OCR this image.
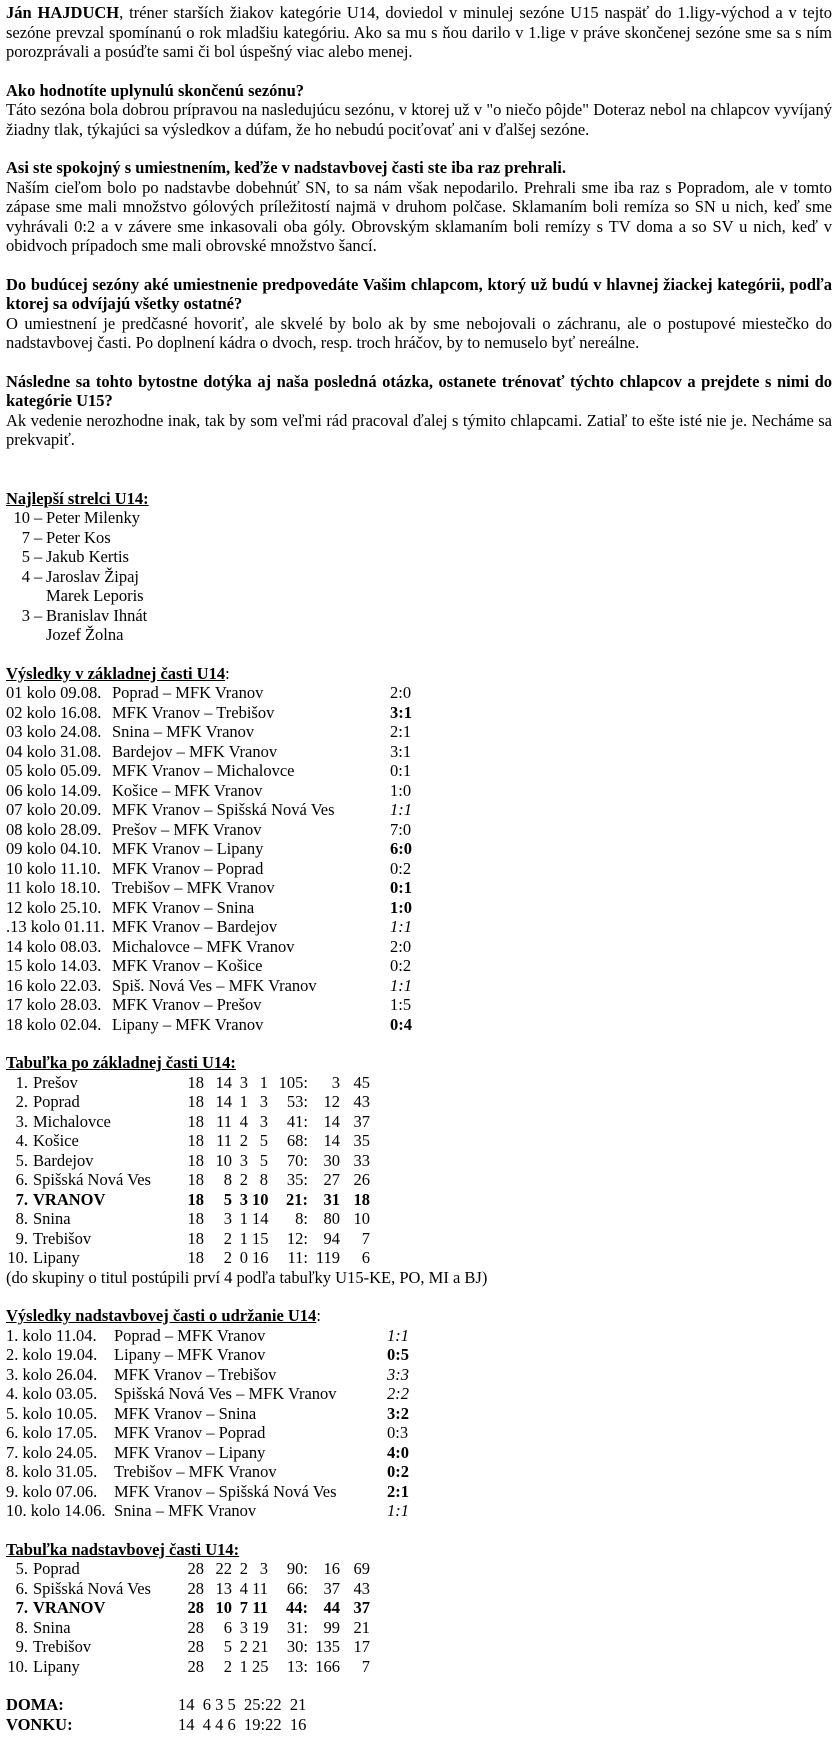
Ján HAJDUCH, tréner starších žiakov kategórie U14, doviedol v minulej sezóne U15 naspäť do 1.ligy-východ a v tejto sezóne prevzal spomínanú o rok mladšiu kategóriu. Ako sa mu s ňou darilo v 1.lige v práve skončenej sezóne sme sa s ním porozprávali a posúďte sami či bol úspešný viac alebo menej.

Ako hodnotíte uplynulú skončenú sezónu?

Táto sezóna bola dobrou prípravou na nasledujúcu sezónu, v ktorej už v "o niečo pôjde" Doteraz nebol na chlapcov vyvíjaný žiadny tlak, týkajúci sa výsledkov a dúfam, že ho nebudú pociťovať ani v ďalšej sezóne.

Asi ste spokojný s umiestnením, keďže v nadstavbovej časti ste iba raz prehrali.

Naším cieľom bolo po nadstavbe dobehnúť SN, to sa nám však nepodarilo. Prehrali sme iba raz s Popradom, ale v tomto zápase sme mali množstvo gólových príležitostí najmä v druhom polčase. Sklamaním boli remíza so SN u nich, keď sme vyhrávali 0:2 a v závere sme inkasovali oba góly. Obrovským sklamaním boli remízy s TV doma a so SV u nich, keď v obidvoch prípadoch sme mali obrovské množstvo šancí.

Do budúcej sezóny aké umiestnenie predpovedáte Vašim chlapcom, ktorý už budú v hlavnej žiackej kategórii, podľa ktorej sa odvíjajú všetky ostatné?

O umiestnení je predčasné hovoriť, ale skvelé by bolo ak by sme nebojovali o záchranu, ale o postupové miestečko do nadstavbovej časti. Po doplnení kádra o dvoch, resp. troch hráčov, by to nemuselo byť nereálne.

Následne sa tohto bytostne dotýka aj naša posledná otázka, ostanete trénovať týchto chlapcov a prejdete s nimi do kategórie U15?

Ak vedenie nerozhodne inak, tak by som veľmi rád pracoval ďalej s týmito chlapcami. Zatiaľ to ešte isté nie je. Necháme sa prekvapiť.

Najlepší strelci U14:
10 – Peter Milenky
7 – Peter Kos
5 – Jakub Kertis
4 – Jaroslav Žipaj
Marek Leporis
3 – Branislav Ihnát
Jozef Žolna
Výsledky v základnej časti U14:
01 kolo 09.08. Poprad – MFK Vranov	2:0
02 kolo 16.08. MFK Vranov – Trebišov	3:1
03 kolo 24.08. Snina – MFK Vranov	2:1
04 kolo 31.08. Bardejov – MFK Vranov	3:1
05 kolo 05.09. MFK Vranov – Michalovce	0:1
06 kolo 14.09. Košice – MFK Vranov	1:0
07 kolo 20.09. MFK Vranov – Spišská Nová Ves	1:1
08 kolo 28.09. Prešov – MFK Vranov	7:0
09 kolo 04.10. MFK Vranov – Lipany	6:0
10 kolo 11.10. MFK Vranov – Poprad	0:2
11 kolo 18.10. Trebišov – MFK Vranov	0:1
12 kolo 25.10. MFK Vranov – Snina	1:0
.13 kolo 01.11. MFK Vranov – Bardejov	1:1
14 kolo 08.03. Michalovce – MFK Vranov	2:0
15 kolo 14.03. MFK Vranov – Košice	0:2
16 kolo 22.03. Spiš. Nová Ves – MFK Vranov	1:1
17 kolo 28.03. MFK Vranov – Prešov	1:5
18 kolo 02.04. Lipany – MFK Vranov	0:4
Tabuľka po základnej časti U14:
1. Prešov	18 14 3 1 105:	3 45
2. Poprad	18 14 1 3	53: 12 43
3. Michalovce	18 11 4 3	41: 14 37
4. Košice	18 11 2 5	68: 14 35
5. Bardejov	18 10 3 5	70: 30 33
6. Spišská Nová Ves 18	8 2 8	35: 27 26
7. VRANOV	18	5 3 10	21: 31 18
8. Snina	18	3 1 14	8: 80 10
9. Trebišov	18	2 1 15	12: 94	7
10. Lipany	18	2 0 16	11: 119	6
(do skupiny o titul postúpili prví 4 podľa tabuľky U15-KE, PO, MI a BJ)
Výsledky nadstavbovej časti o udržanie U14:
1. kolo 11.04. Poprad – MFK Vranov	1:1
2. kolo 19.04. Lipany – MFK Vranov	0:5
3. kolo 26.04. MFK Vranov – Trebišov	3:3
4. kolo 03.05. Spišská Nová Ves – MFK Vranov	2:2
5. kolo 10.05. MFK Vranov – Snina	3:2
6. kolo 17.05. MFK Vranov – Poprad	0:3
7. kolo 24.05. MFK Vranov – Lipany	4:0
8. kolo 31.05. Trebišov – MFK Vranov	0:2
9. kolo 07.06. MFK Vranov – Spišská Nová Ves	2:1
10. kolo 14.06. Snina – MFK Vranov	1:1
Tabuľka nadstavbovej časti U14:
5. Poprad	28 22 2 3	90: 16 69
6. Spišská Nová Ves 28 13 4 11	66: 37 43
7. VRANOV	28 10 7 11	44: 44 37
8. Snina	28	6 3 19	31: 99 21
9. Trebišov	28	5 2 21	30: 135 17
10. Lipany	28	2 1 25	13: 166	7
DOMA:	14  6 3 5  25:22  21
VONKU:	14  4 4 6  19:22  16
